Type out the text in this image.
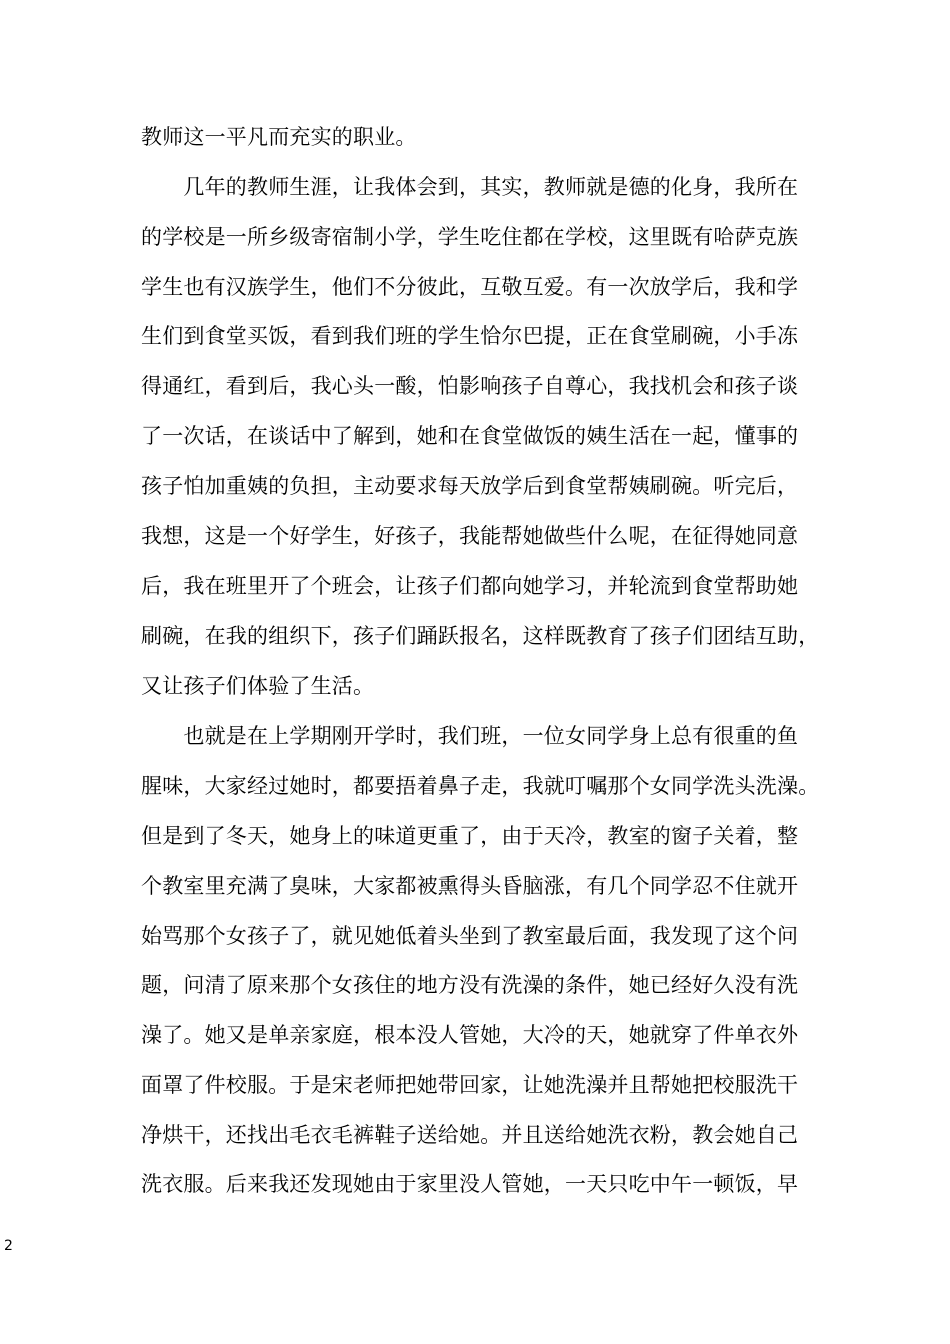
教师这一平凡而充实的职业。
　　几年的教师生涯，让我体会到，其实，教师就是德的化身，我所在
的学校是一所乡级寄宿制小学，学生吃住都在学校，这里既有哈萨克族
学生也有汉族学生，他们不分彼此，互敬互爱。有一次放学后，我和学
生们到食堂买饭，看到我们班的学生恰尔巴提，正在食堂刷碗，小手冻
得通红，看到后，我心头一酸，怕影响孩子自尊心，我找机会和孩子谈
了一次话，在谈话中了解到，她和在食堂做饭的姨生活在一起，懂事的
孩子怕加重姨的负担，主动要求每天放学后到食堂帮姨刷碗。听完后，
我想，这是一个好学生，好孩子，我能帮她做些什么呢，在征得她同意
后，我在班里开了个班会，让孩子们都向她学习，并轮流到食堂帮助她
刷碗，在我的组织下，孩子们踊跃报名，这样既教育了孩子们团结互助，
又让孩子们体验了生活。
　　也就是在上学期刚开学时，我们班，一位女同学身上总有很重的鱼
腥味，大家经过她时，都要捂着鼻子走，我就叮嘱那个女同学洗头洗澡。
但是到了冬天，她身上的味道更重了，由于天冷，教室的窗子关着，整
个教室里充满了臭味，大家都被熏得头昏脑涨，有几个同学忍不住就开
始骂那个女孩子了，就见她低着头坐到了教室最后面，我发现了这个问
题，问清了原来那个女孩住的地方没有洗澡的条件，她已经好久没有洗
澡了。她又是单亲家庭，根本没人管她，大冷的天，她就穿了件单衣外
面罩了件校服。于是宋老师把她带回家，让她洗澡并且帮她把校服洗干
净烘干，还找出毛衣毛裤鞋子送给她。并且送给她洗衣粉，教会她自己
洗衣服。后来我还发现她由于家里没人管她，一天只吃中午一顿饭，早
2
